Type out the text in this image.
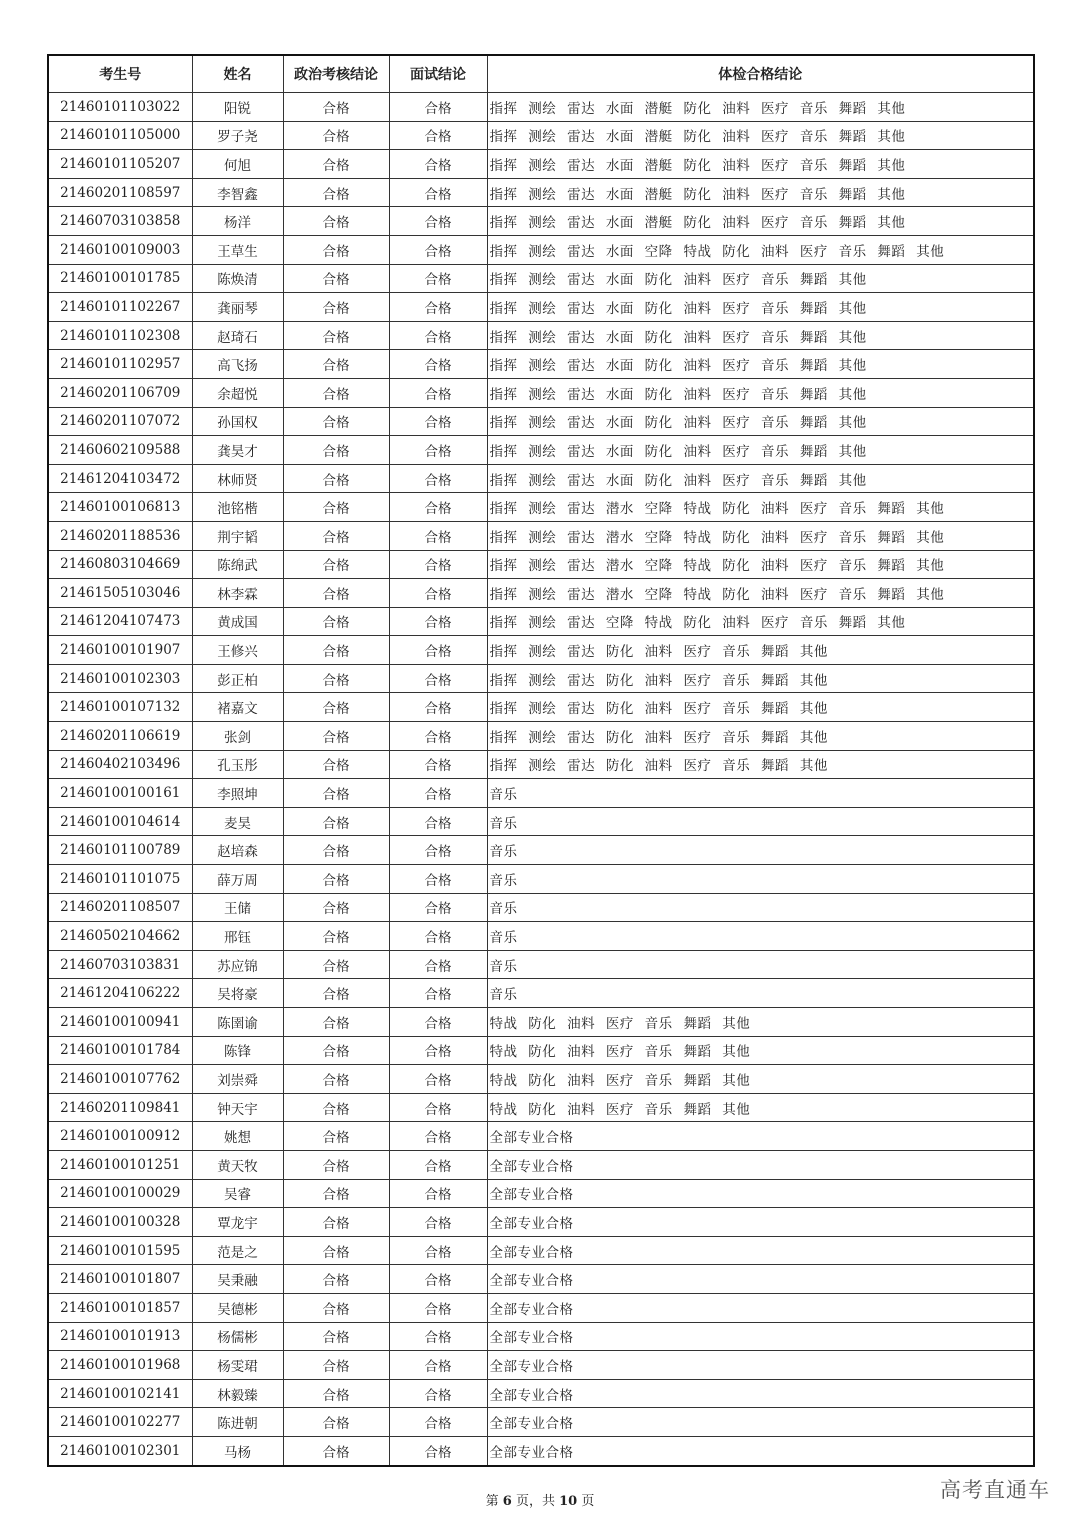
考生号	姓名	政治考核结论	面试结论	体检合格结论
21460101103022	阳锐	合格	合格	指挥 测绘 雷达 水面 潜艇 防化 油料 医疗 音乐 舞蹈 其他
21460101105000	罗子尧	合格	合格	指挥 测绘 雷达 水面 潜艇 防化 油料 医疗 音乐 舞蹈 其他
21460101105207	何旭	合格	合格	指挥 测绘 雷达 水面 潜艇 防化 油料 医疗 音乐 舞蹈 其他
21460201108597	李智鑫	合格	合格	指挥 测绘 雷达 水面 潜艇 防化 油料 医疗 音乐 舞蹈 其他
21460703103858	杨洋	合格	合格	指挥 测绘 雷达 水面 潜艇 防化 油料 医疗 音乐 舞蹈 其他
21460100109003	王草生	合格	合格	指挥 测绘 雷达 水面 空降 特战 防化 油料 医疗 音乐 舞蹈 其他
21460100101785	陈焕清	合格	合格	指挥 测绘 雷达 水面 防化 油料 医疗 音乐 舞蹈 其他
21460101102267	龚丽琴	合格	合格	指挥 测绘 雷达 水面 防化 油料 医疗 音乐 舞蹈 其他
21460101102308	赵琦石	合格	合格	指挥 测绘 雷达 水面 防化 油料 医疗 音乐 舞蹈 其他
21460101102957	高飞扬	合格	合格	指挥 测绘 雷达 水面 防化 油料 医疗 音乐 舞蹈 其他
21460201106709	余超悦	合格	合格	指挥 测绘 雷达 水面 防化 油料 医疗 音乐 舞蹈 其他
21460201107072	孙国权	合格	合格	指挥 测绘 雷达 水面 防化 油料 医疗 音乐 舞蹈 其他
21460602109588	龚昊才	合格	合格	指挥 测绘 雷达 水面 防化 油料 医疗 音乐 舞蹈 其他
21461204103472	林师贤	合格	合格	指挥 测绘 雷达 水面 防化 油料 医疗 音乐 舞蹈 其他
21460100106813	池铭楷	合格	合格	指挥 测绘 雷达 潜水 空降 特战 防化 油料 医疗 音乐 舞蹈 其他
21460201188536	荆宇韬	合格	合格	指挥 测绘 雷达 潜水 空降 特战 防化 油料 医疗 音乐 舞蹈 其他
21460803104669	陈绵武	合格	合格	指挥 测绘 雷达 潜水 空降 特战 防化 油料 医疗 音乐 舞蹈 其他
21461505103046	林李霖	合格	合格	指挥 测绘 雷达 潜水 空降 特战 防化 油料 医疗 音乐 舞蹈 其他
21461204107473	黄成国	合格	合格	指挥 测绘 雷达 空降 特战 防化 油料 医疗 音乐 舞蹈 其他
21460100101907	王修兴	合格	合格	指挥 测绘 雷达 防化 油料 医疗 音乐 舞蹈 其他
21460100102303	彭正柏	合格	合格	指挥 测绘 雷达 防化 油料 医疗 音乐 舞蹈 其他
21460100107132	褚嘉文	合格	合格	指挥 测绘 雷达 防化 油料 医疗 音乐 舞蹈 其他
21460201106619	张剑	合格	合格	指挥 测绘 雷达 防化 油料 医疗 音乐 舞蹈 其他
21460402103496	孔玉彤	合格	合格	指挥 测绘 雷达 防化 油料 医疗 音乐 舞蹈 其他
21460100100161	李照坤	合格	合格	音乐
21460100104614	麦昊	合格	合格	音乐
21460101100789	赵培森	合格	合格	音乐
21460101101075	薛万周	合格	合格	音乐
21460201108507	王储	合格	合格	音乐
21460502104662	邢钰	合格	合格	音乐
21460703103831	苏应锦	合格	合格	音乐
21461204106222	吴将豪	合格	合格	音乐
21460100100941	陈圉谕	合格	合格	特战 防化 油料 医疗 音乐 舞蹈 其他
21460100101784	陈锋	合格	合格	特战 防化 油料 医疗 音乐 舞蹈 其他
21460100107762	刘崇舜	合格	合格	特战 防化 油料 医疗 音乐 舞蹈 其他
21460201109841	钟天宇	合格	合格	特战 防化 油料 医疗 音乐 舞蹈 其他
21460100100912	姚想	合格	合格	全部专业合格
21460100101251	黄天牧	合格	合格	全部专业合格
21460100100029	吴睿	合格	合格	全部专业合格
21460100100328	覃龙宇	合格	合格	全部专业合格
21460100101595	范是之	合格	合格	全部专业合格
21460100101807	吴秉融	合格	合格	全部专业合格
21460100101857	吴德彬	合格	合格	全部专业合格
21460100101913	杨儒彬	合格	合格	全部专业合格
21460100101968	杨雯珺	合格	合格	全部专业合格
21460100102141	林毅臻	合格	合格	全部专业合格
21460100102277	陈进朝	合格	合格	全部专业合格
21460100102301	马杨	合格	合格	全部专业合格
第 6 页，共 10 页	高考直通车
